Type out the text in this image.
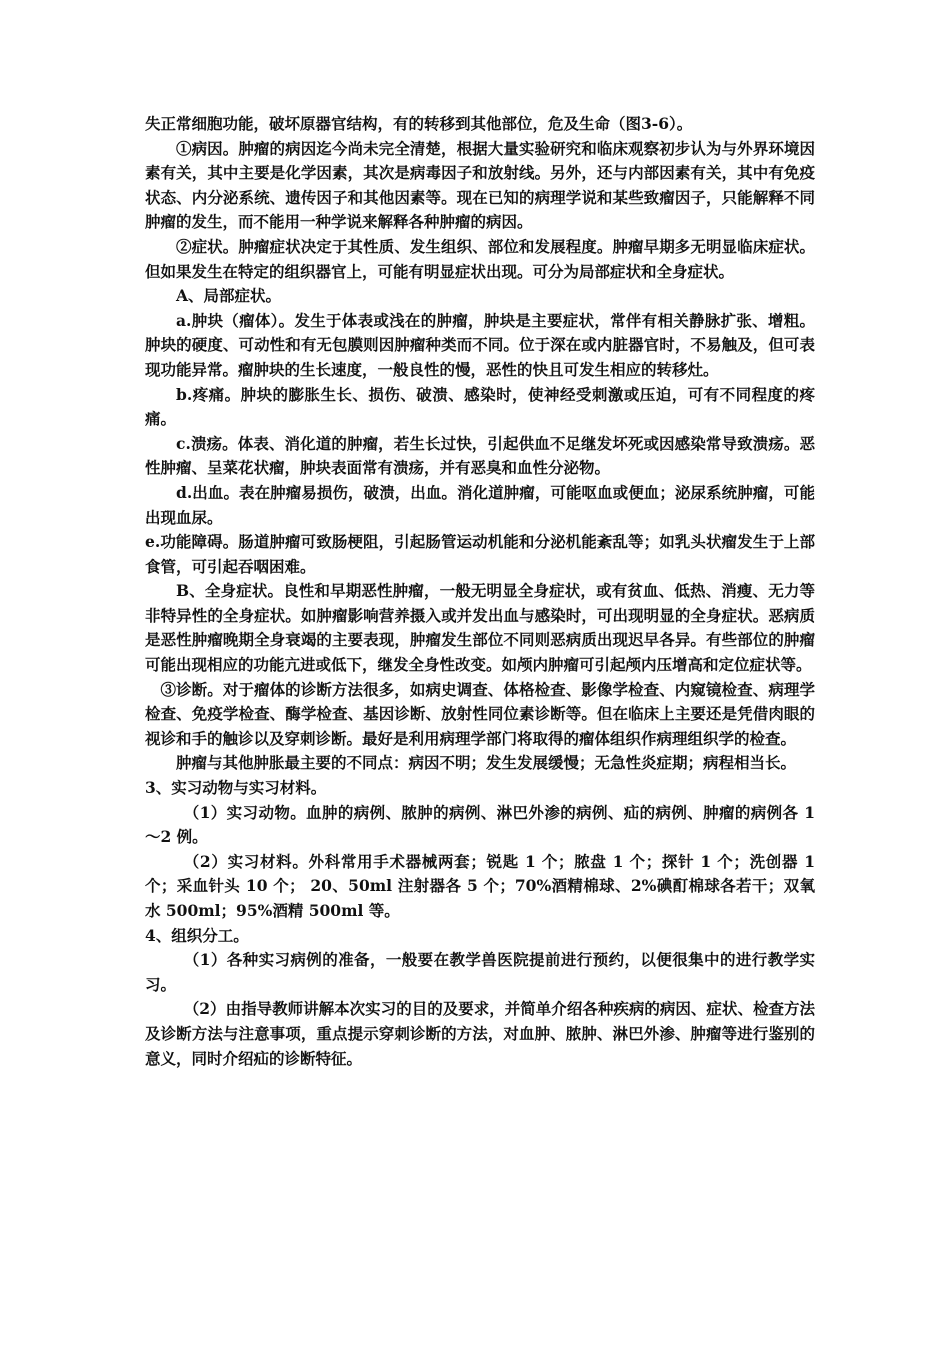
失正常细胞功能，破坏原器官结构，有的转移到其他部位，危及生命（图3-6）。

①病因。肿瘤的病因迄今尚未完全清楚，根据大量实验研究和临床观察初步认为与外界环境因素有关，其中主要是化学因素，其次是病毒因子和放射线。另外，还与内部因素有关，其中有免疫状态、内分泌系统、遗传因子和其他因素等。现在已知的病理学说和某些致瘤因子，只能解释不同肿瘤的发生，而不能用一种学说来解释各种肿瘤的病因。

②症状。肿瘤症状决定于其性质、发生组织、部位和发展程度。肿瘤早期多无明显临床症状。但如果发生在特定的组织器官上，可能有明显症状出现。可分为局部症状和全身症状。

A、局部症状。

a.肿块（瘤体）。发生于体表或浅在的肿瘤，肿块是主要症状，常伴有相关静脉扩张、增粗。肿块的硬度、可动性和有无包膜则因肿瘤种类而不同。位于深在或内脏器官时，不易触及，但可表现功能异常。瘤肿块的生长速度，一般良性的慢，恶性的快且可发生相应的转移灶。

b.疼痛。肿块的膨胀生长、损伤、破溃、感染时，使神经受刺激或压迫，可有不同程度的疼痛。

c.溃疡。体表、消化道的肿瘤，若生长过快，引起供血不足继发坏死或因感染常导致溃疡。恶性肿瘤、呈菜花状瘤，肿块表面常有溃疡，并有恶臭和血性分泌物。

d.出血。表在肿瘤易损伤，破溃，出血。消化道肿瘤，可能呕血或便血；泌尿系统肿瘤，可能出现血尿。

e.功能障碍。肠道肿瘤可致肠梗阻，引起肠管运动机能和分泌机能紊乱等；如乳头状瘤发生于上部食管，可引起吞咽困难。

B、全身症状。良性和早期恶性肿瘤，一般无明显全身症状，或有贫血、低热、消瘦、无力等非特异性的全身症状。如肿瘤影响营养摄入或并发出血与感染时，可出现明显的全身症状。恶病质是恶性肿瘤晚期全身衰竭的主要表现，肿瘤发生部位不同则恶病质出现迟早各异。有些部位的肿瘤可能出现相应的功能亢进或低下，继发全身性改变。如颅内肿瘤可引起颅内压增高和定位症状等。

③诊断。对于瘤体的诊断方法很多，如病史调查、体格检查、影像学检查、内窥镜检查、病理学检查、免疫学检查、酶学检查、基因诊断、放射性同位素诊断等。但在临床上主要还是凭借肉眼的视诊和手的触诊以及穿刺诊断。最好是利用病理学部门将取得的瘤体组织作病理组织学的检查。

肿瘤与其他肿胀最主要的不同点：病因不明；发生发展缓慢；无急性炎症期；病程相当长。

3、实习动物与实习材料。

（1）实习动物。血肿的病例、脓肿的病例、淋巴外渗的病例、疝的病例、肿瘤的病例各 1～2 例。

（2）实习材料。外科常用手术器械两套；锐匙 1 个；脓盘 1 个；探针 1 个；洗创器 1 个；采血针头 10 个； 20、50ml 注射器各 5 个；70%酒精棉球、2%碘酊棉球各若干；双氧水 500ml；95%酒精 500ml 等。

4、组织分工。

（1）各种实习病例的准备，一般要在教学兽医院提前进行预约，以便很集中的进行教学实习。

（2）由指导教师讲解本次实习的目的及要求，并简单介绍各种疾病的病因、症状、检查方法及诊断方法与注意事项，重点提示穿刺诊断的方法，对血肿、脓肿、淋巴外渗、肿瘤等进行鉴别的意义，同时介绍疝的诊断特征。
